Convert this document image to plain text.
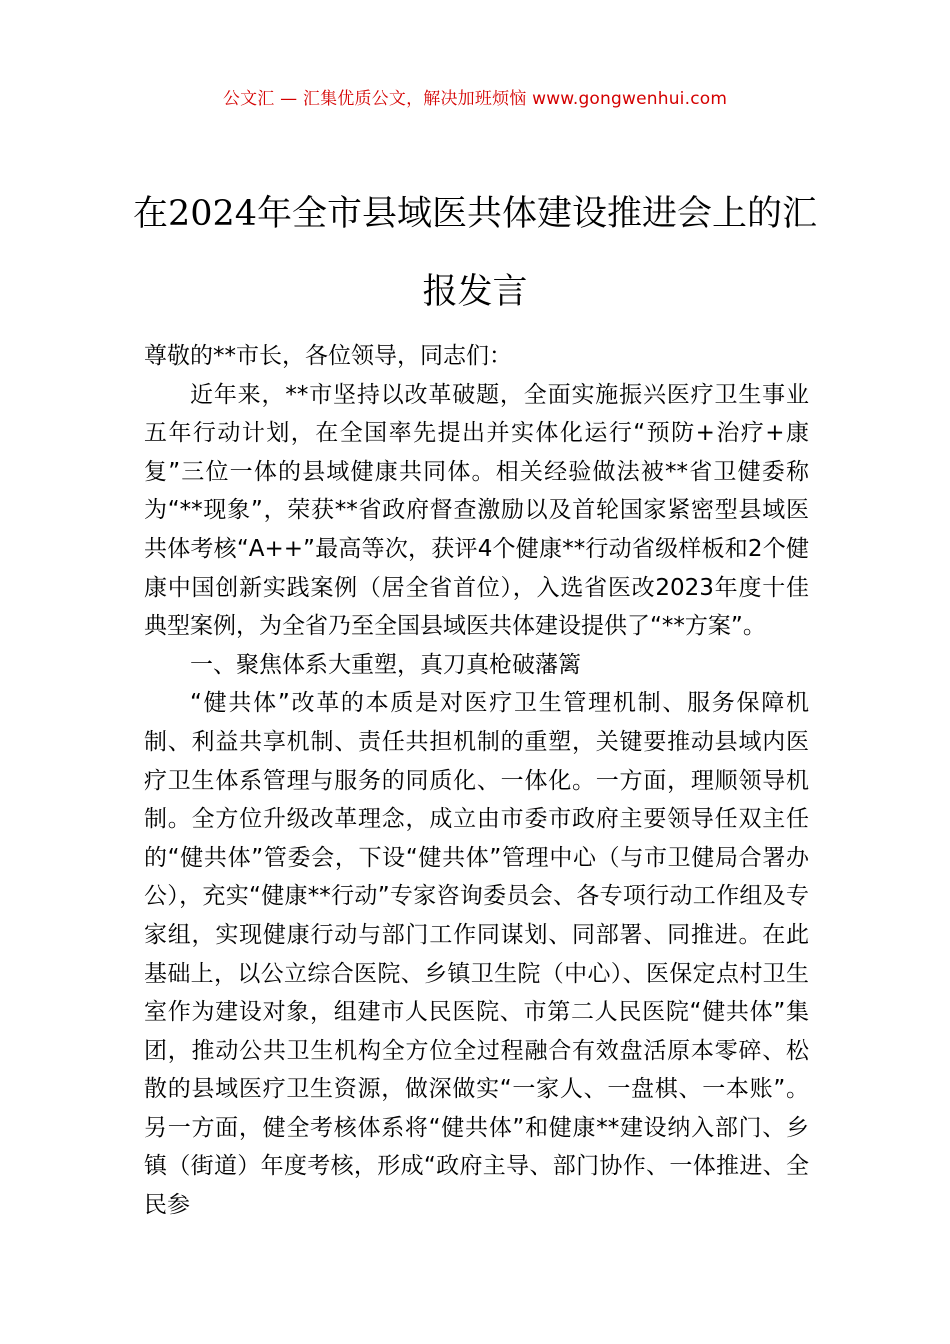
公文汇 — 汇集优质公文，解决加班烦恼 www.gongwenhui.com
在2024年全市县域医共体建设推进会上的汇报发言

尊敬的**市长，各位领导，同志们：

近年来，**市坚持以改革破题，全面实施振兴医疗卫生事业五年行动计划，在全国率先提出并实体化运行“预防+治疗+康复”三位一体的县域健康共同体。相关经验做法被**省卫健委称为“**现象”，荣获**省政府督查激励以及首轮国家紧密型县域医共体考核“A++”最高等次，获评4个健康**行动省级样板和2个健康中国创新实践案例（居全省首位），入选省医改2023年度十佳典型案例，为全省乃至全国县域医共体建设提供了“**方案”。

一、聚焦体系大重塑，真刀真枪破藩篱

“健共体”改革的本质是对医疗卫生管理机制、服务保障机制、利益共享机制、责任共担机制的重塑，关键要推动县域内医疗卫生体系管理与服务的同质化、一体化。一方面，理顺领导机制。全方位升级改革理念，成立由市委市政府主要领导任双主任的“健共体”管委会，下设“健共体”管理中心（与市卫健局合署办公），充实“健康**行动”专家咨询委员会、各专项行动工作组及专家组，实现健康行动与部门工作同谋划、同部署、同推进。在此基础上，以公立综合医院、乡镇卫生院（中心）、医保定点村卫生室作为建设对象，组建市人民医院、市第二人民医院“健共体”集团，推动公共卫生机构全方位全过程融合有效盘活原本零碎、松散的县域医疗卫生资源，做深做实“一家人、一盘棋、一本账”。另一方面，健全考核体系将“健共体”和健康**建设纳入部门、乡镇（街道）年度考核，形成“政府主导、部门协作、一体推进、全民参
